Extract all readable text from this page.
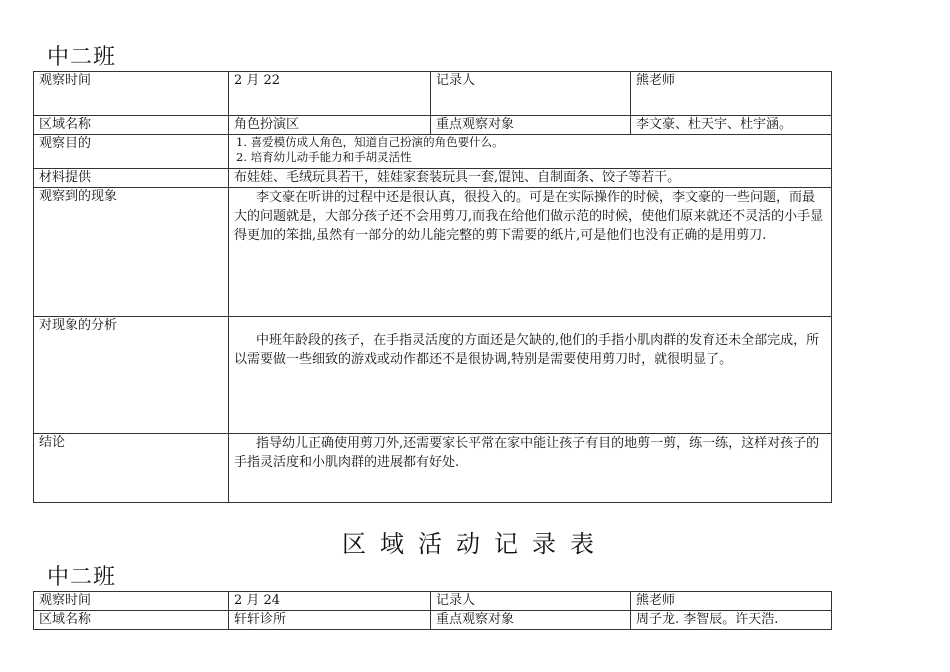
中二班
观察时间	2 月 22	记录人	熊老师
区域名称	角色扮演区	重点观察对象	李文豪、杜天宇、杜宇涵。
观察目的	1. 喜爱模仿成人角色，知道自己扮演的角色要什么。
2. 培育幼儿动手能力和手胡灵活性		

材料提供	布娃娃、毛绒玩具若干，娃娃家套装玩具一套,馄饨、自制面条、饺子等若干。		
观察到的现象	李文豪在听讲的过程中还是很认真，很投入的。可是在实际操作的时候，李文豪的一些问题，而最大的问题就是，大部分孩子还不会用剪刀,而我在给他们做示范的时候，使他们原来就还不灵活的小手显得更加的笨拙,虽然有一部分的幼儿能完整的剪下需要的纸片,可是他们也没有正确的是用剪刀.		
对现象的分析	中班年龄段的孩子，在手指灵活度的方面还是欠缺的,他们的手指小肌肉群的发育还未全部完成，所以需要做一些细致的游戏或动作都还不是很协调,特别是需要使用剪刀时，就很明显了。		
结论	指导幼儿正确使用剪刀外,还需要家长平常在家中能让孩子有目的地剪一剪，练一练，这样对孩子的手指灵活度和小肌肉群的进展都有好处.		
区域活动记录表
中二班
观察时间	2 月 24	记录人	熊老师
区域名称	轩轩诊所	重点观察对象	周子龙. 李智辰。许天浩.
